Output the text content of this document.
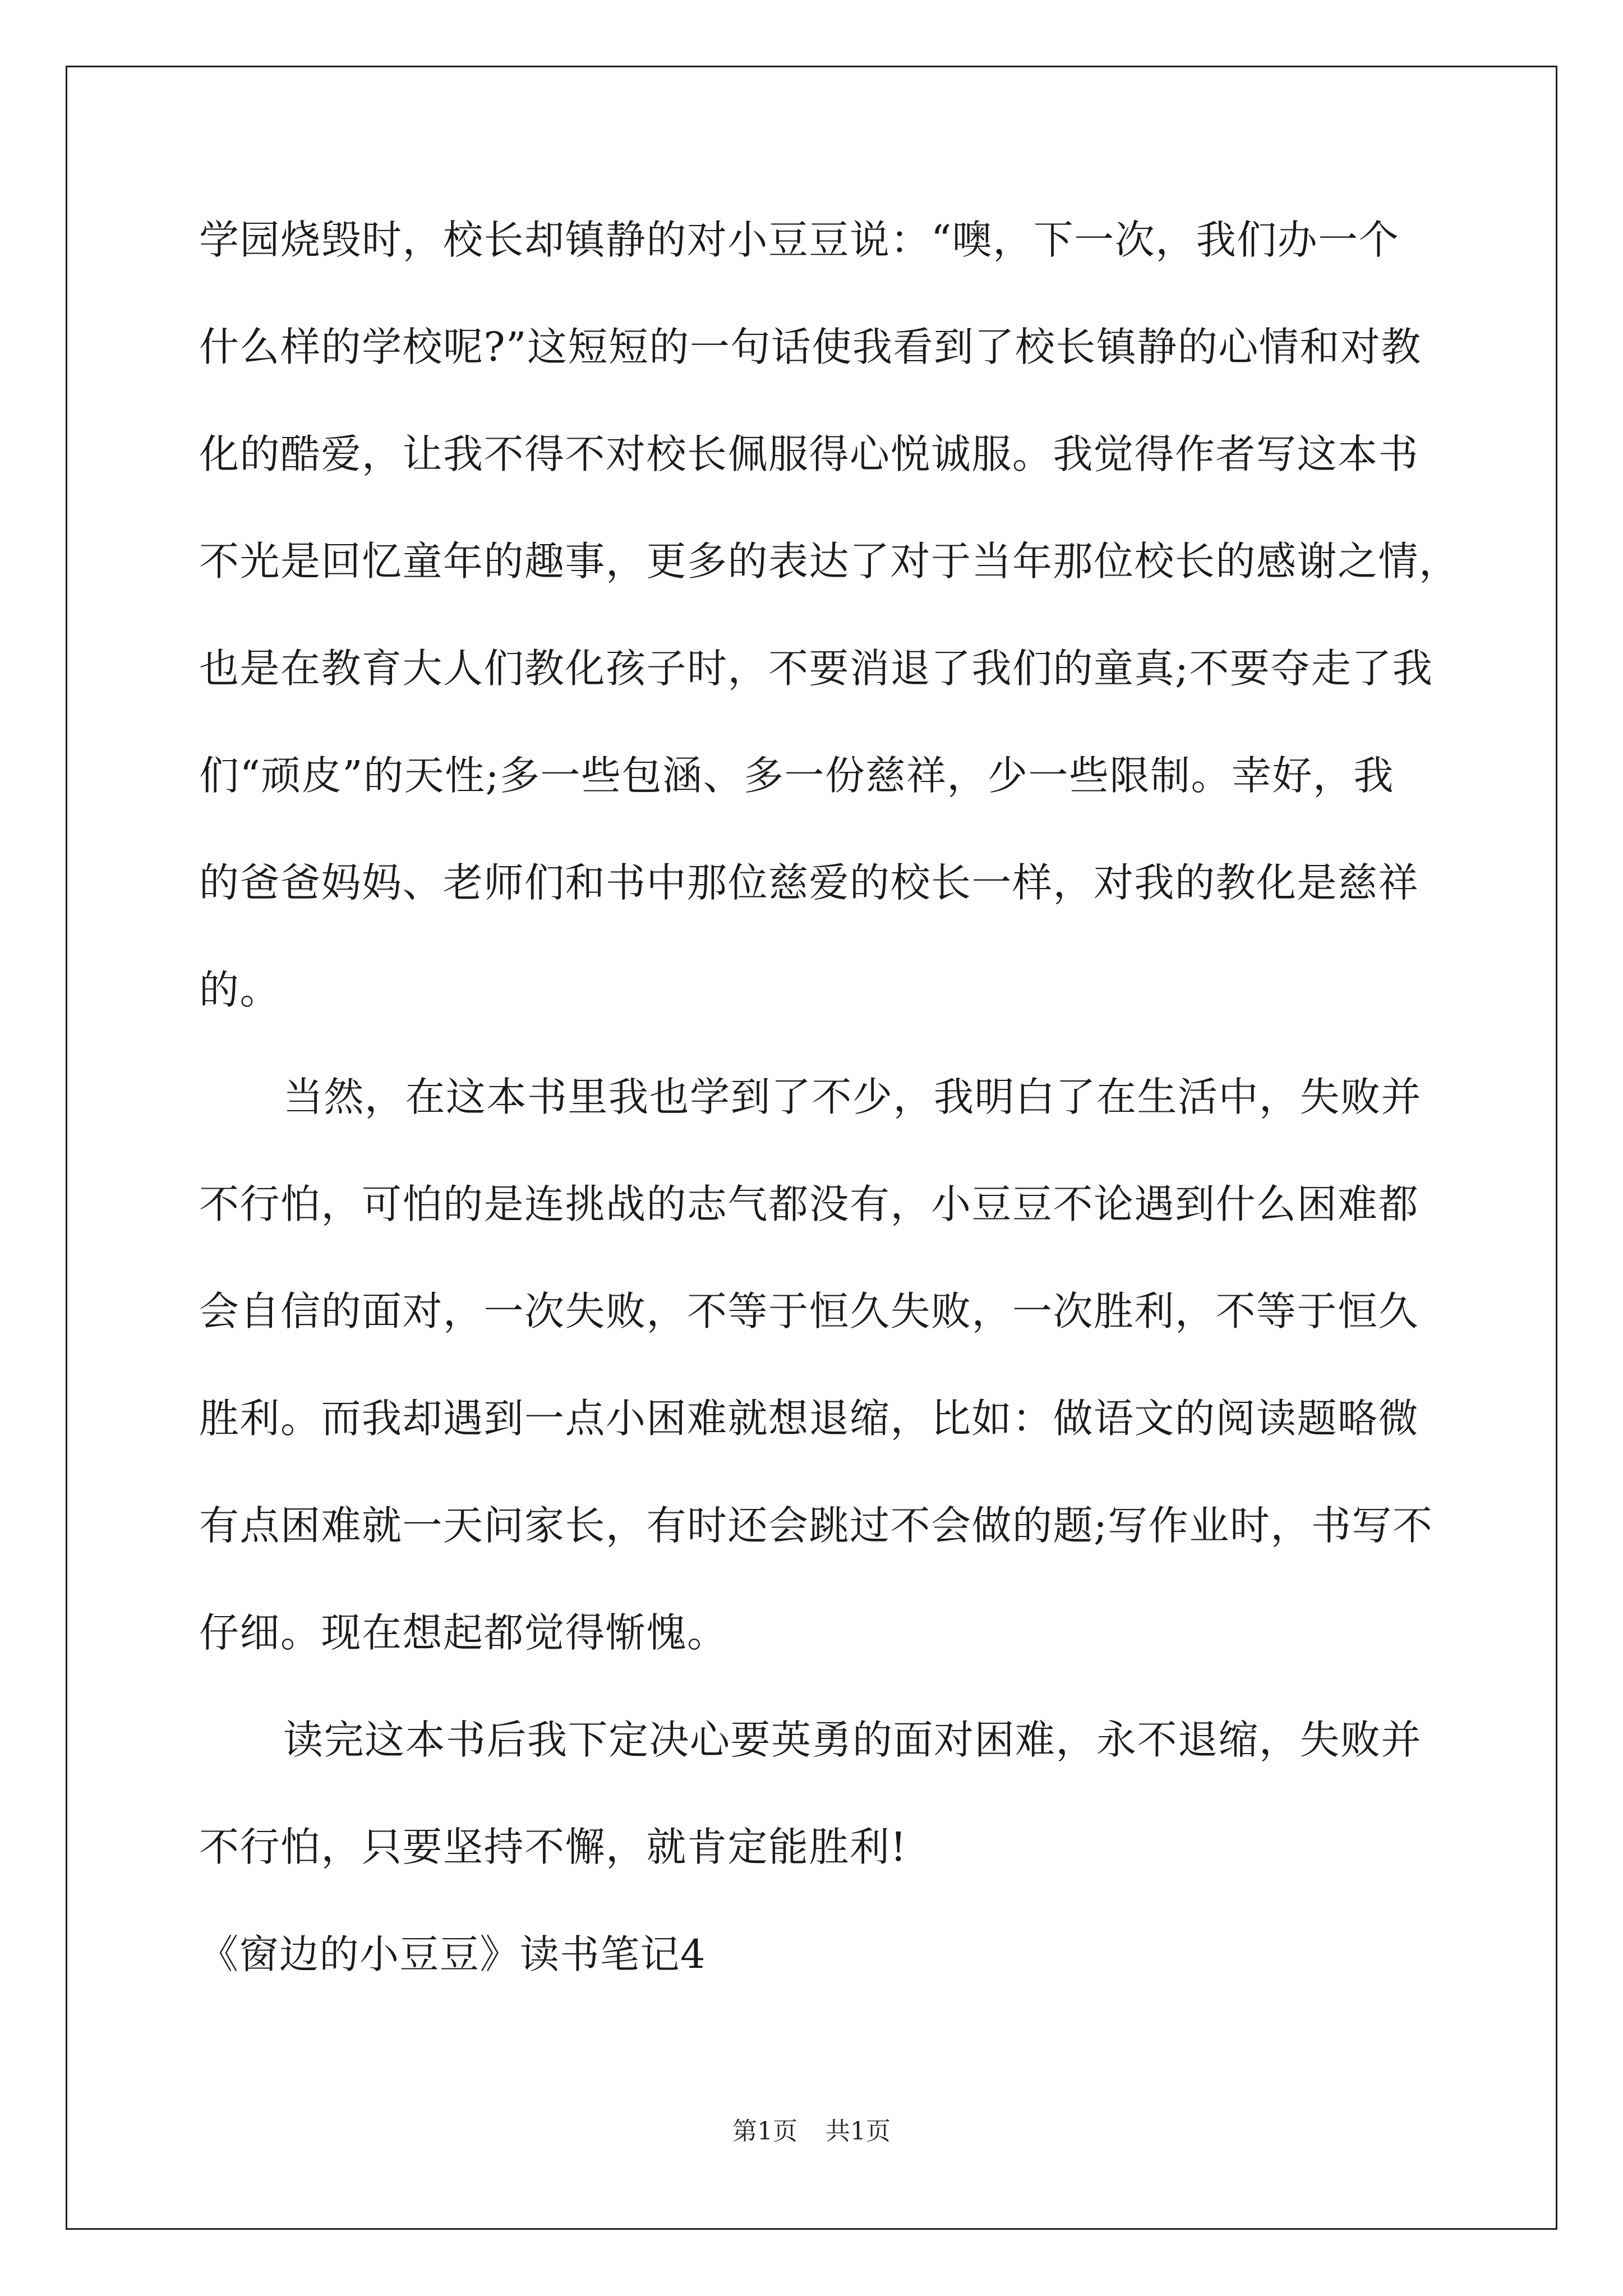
学园烧毁时，校长却镇静的对小豆豆说：“噢，下一次，我们办一个
什么样的学校呢?”这短短的一句话使我看到了校长镇静的心情和对教
化的酷爱，让我不得不对校长佩服得心悦诚服。我觉得作者写这本书
不光是回忆童年的趣事，更多的表达了对于当年那位校长的感谢之情，
也是在教育大人们教化孩子时，不要消退了我们的童真;不要夺走了我
们“顽皮”的天性;多一些包涵、多一份慈祥，少一些限制。幸好，我
的爸爸妈妈、老师们和书中那位慈爱的校长一样，对我的教化是慈祥
的。
当然，在这本书里我也学到了不少，我明白了在生活中，失败并
不行怕，可怕的是连挑战的志气都没有，小豆豆不论遇到什么困难都
会自信的面对，一次失败，不等于恒久失败，一次胜利，不等于恒久
胜利。而我却遇到一点小困难就想退缩，比如：做语文的阅读题略微
有点困难就一天问家长，有时还会跳过不会做的题;写作业时，书写不
仔细。现在想起都觉得惭愧。
读完这本书后我下定决心要英勇的面对困难，永不退缩，失败并
不行怕，只要坚持不懈，就肯定能胜利!
《窗边的小豆豆》读书笔记4
第1页 共1页
